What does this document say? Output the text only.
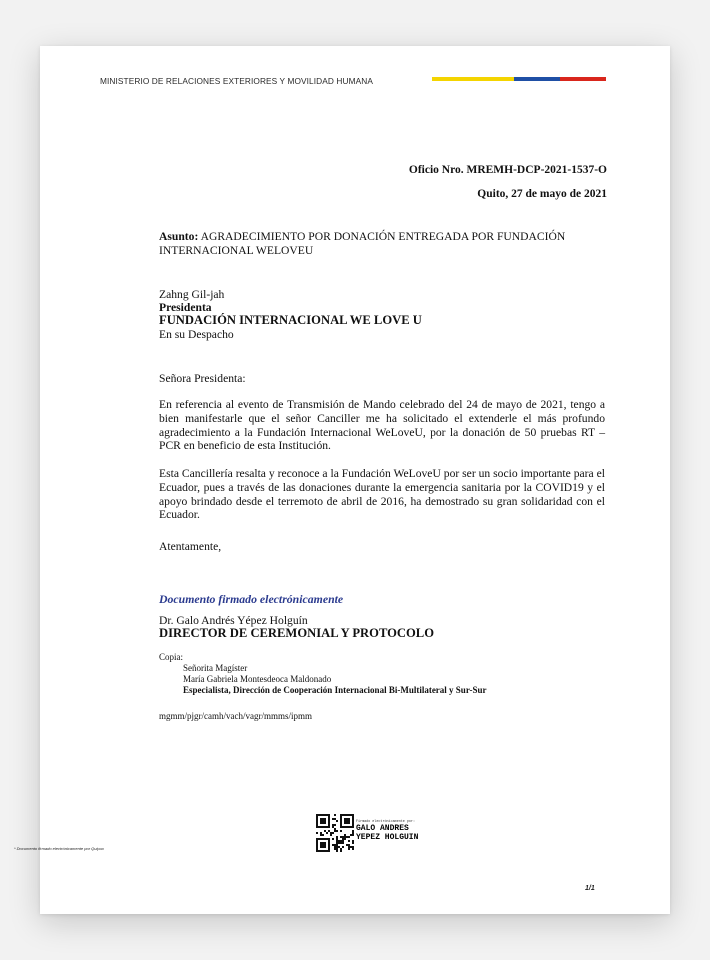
MINISTERIO DE RELACIONES EXTERIORES Y MOVILIDAD HUMANA
Oficio Nro. MREMH-DCP-2021-1537-O
Quito, 27 de mayo de 2021
Asunto: AGRADECIMIENTO POR DONACIÓN ENTREGADA POR FUNDACIÓN INTERNACIONAL WELOVEU
Zahng Gil-jah
Presidenta
FUNDACIÓN INTERNACIONAL WE LOVE U
En su Despacho
Señora Presidenta:
En referencia al evento de Transmisión de Mando celebrado del 24 de mayo de 2021, tengo a bien manifestarle que el señor Canciller me ha solicitado el extenderle el más profundo agradecimiento a la Fundación Internacional WeLoveU, por la donación de 50 pruebas RT – PCR en beneficio de esta Institución.
Esta Cancillería resalta y reconoce a la Fundación WeLoveU por ser un socio importante para el Ecuador, pues a través de las donaciones durante la emergencia sanitaria por la COVID19 y el apoyo brindado desde el terremoto de abril de 2016, ha demostrado su gran solidaridad con el Ecuador.
Atentamente,
Documento firmado electrónicamente
Dr. Galo Andrés Yépez Holguín
DIRECTOR DE CEREMONIAL Y PROTOCOLO
Copia:
Señorita Magíster
María Gabriela Montesdeoca Maldonado
Especialista, Dirección de Cooperación Internacional Bi-Multilateral y Sur-Sur
mgmm/pjgr/camh/vach/vagr/mmms/ipmm
Firmado electrónicamente por:
GALO ANDRES
YEPEZ HOLGUIN
* Documento firmado electrónicamente por Quipux
1/1
